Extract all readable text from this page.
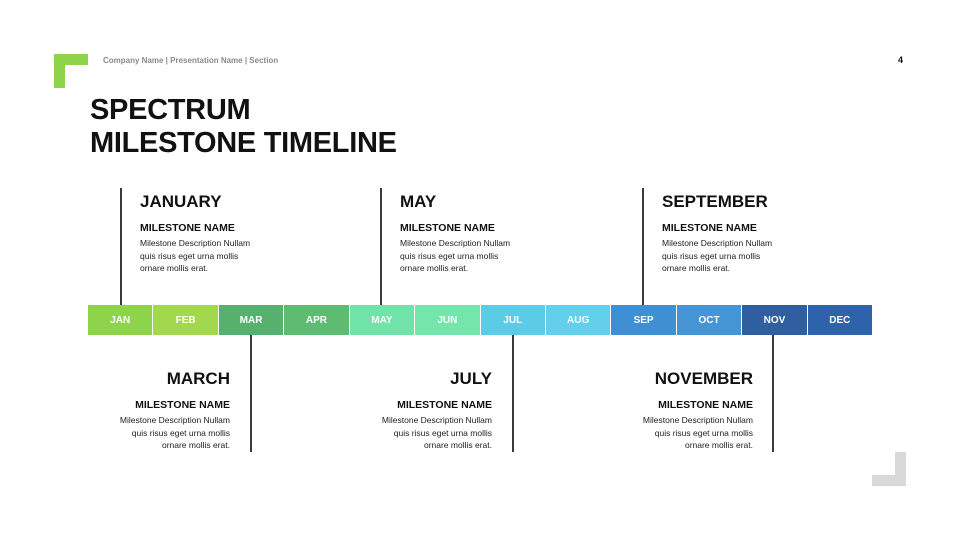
Company Name | Presentation Name | Section	4
SPECTRUM
MILESTONE TIMELINE
JAN	FEB	MAR	APR	MAY	JUN	JUL	AUG	SEP	OCT	NOV	DEC

JANUARY

MILESTONE NAME

Milestone Description Nullam
quis risus eget urna mollis
ornare mollis erat.

MAY

MILESTONE NAME

Milestone Description Nullam
quis risus eget urna mollis
ornare mollis erat.

SEPTEMBER

MILESTONE NAME

Milestone Description Nullam
quis risus eget urna mollis
ornare mollis erat.

MARCH

MILESTONE NAME

Milestone Description Nullam
quis risus eget urna mollis
ornare mollis erat.

JULY

MILESTONE NAME

Milestone Description Nullam
quis risus eget urna mollis
ornare mollis erat.

NOVEMBER

MILESTONE NAME

Milestone Description Nullam
quis risus eget urna mollis
ornare mollis erat.
